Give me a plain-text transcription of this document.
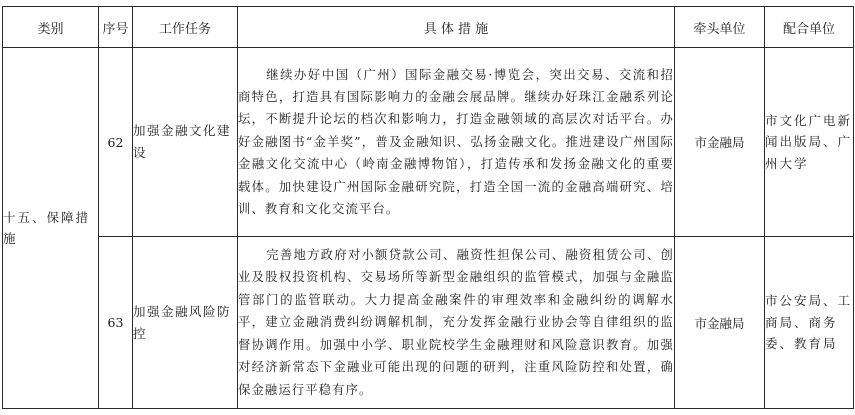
类别	序号	工作任务	具 体 措 施	牵头单位	配合单位
十五、保障措施	62	加强金融文化建设	继续办好中国（广州）国际金融交易·博览会，突出交易、交流和招商特色，打造具有国际影响力的金融会展品牌。继续办好珠江金融系列论坛，不断提升论坛的档次和影响力，打造金融领域的高层次对话平台。办好金融图书“金羊奖”，普及金融知识、弘扬金融文化。推进建设广州国际金融文化交流中心（岭南金融博物馆），打造传承和发扬金融文化的重要载体。加快建设广州国际金融研究院，打造全国一流的金融高端研究、培训、教育和文化交流平台。	市金融局	市文化广电新闻出版局、广州大学
	63	加强金融风险防控	完善地方政府对小额贷款公司、融资性担保公司、融资租赁公司、创业及股权投资机构、交易场所等新型金融组织的监管模式，加强与金融监管部门的监管联动。大力提高金融案件的审理效率和金融纠纷的调解水平，建立金融消费纠纷调解机制，充分发挥金融行业协会等自律组织的监督协调作用。加强中小学、职业院校学生金融理财和风险意识教育。加强对经济新常态下金融业可能出现的问题的研判，注重风险防控和处置，确保金融运行平稳有序。	市金融局	市公安局、工商局、商务委、教育局
